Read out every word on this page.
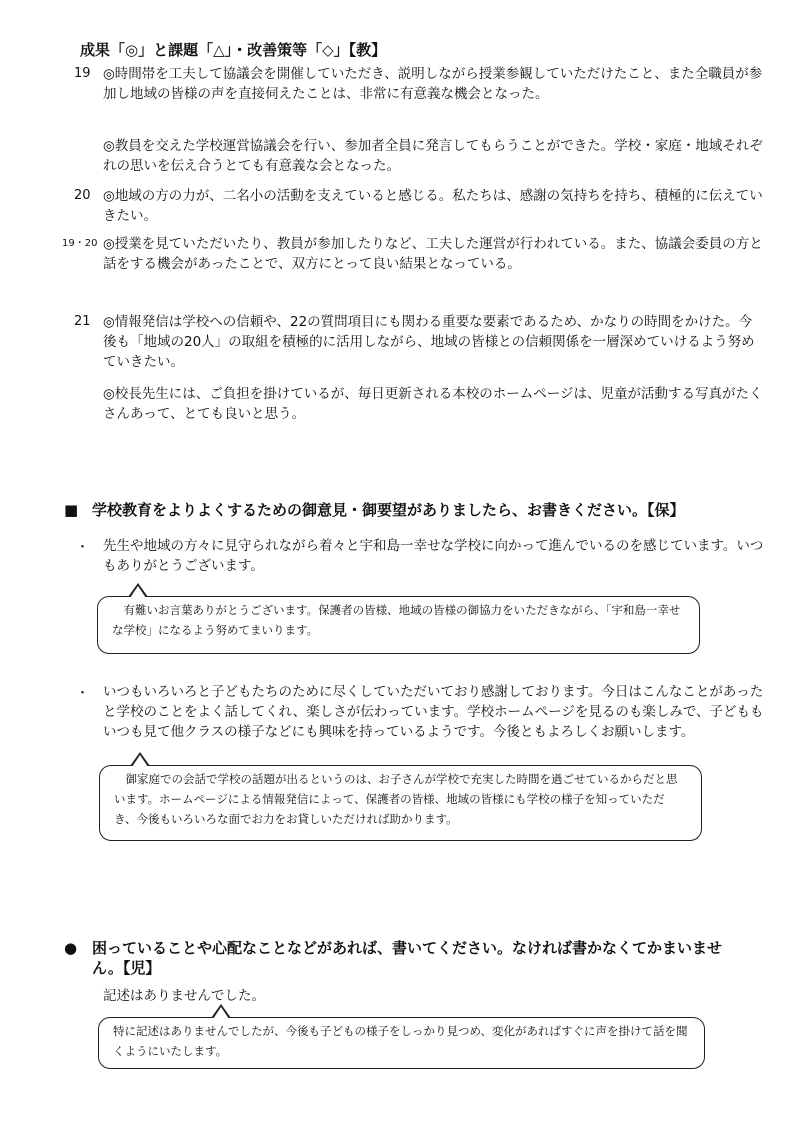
成果「◎」と課題「△」・改善策等「◇」【教】
19 ◎時間帯を工夫して協議会を開催していただき、説明しながら授業参観していただけたこと、また全職員が参加し地域の皆様の声を直接伺えたことは、非常に有意義な機会となった。
◎教員を交えた学校運営協議会を行い、参加者全員に発言してもらうことができた。学校・家庭・地域それぞれの思いを伝え合うとても有意義な会となった。
20 ◎地域の方の力が、二名小の活動を支えていると感じる。私たちは、感謝の気持ちを持ち、積極的に伝えていきたい。
19・20 ◎授業を見ていただいたり、教員が参加したりなど、工夫した運営が行われている。また、協議会委員の方と話をする機会があったことで、双方にとって良い結果となっている。
21 ◎情報発信は学校への信頼や、22の質問項目にも関わる重要な要素であるため、かなりの時間をかけた。今後も「地域の20人」の取組を積極的に活用しながら、地域の皆様との信頼関係を一層深めていけるよう努めていきたい。
◎校長先生には、ご負担を掛けているが、毎日更新される本校のホームページは、児童が活動する写真がたくさんあって、とても良いと思う。
■ 学校教育をよりよくするための御意見・御要望がありましたら、お書きください。【保】
・ 先生や地域の方々に見守られながら着々と宇和島一幸せな学校に向かって進んでいるのを感じています。いつもありがとうございます。
有難いお言葉ありがとうございます。保護者の皆様、地域の皆様の御協力をいただきながら、「宇和島一幸せな学校」になるよう努めてまいります。
・ いつもいろいろと子どもたちのために尽くしていただいており感謝しております。今日はこんなことがあったと学校のことをよく話してくれ、楽しさが伝わっています。学校ホームページを見るのも楽しみで、子どももいつも見て他クラスの様子などにも興味を持っているようです。今後ともよろしくお願いします。
御家庭での会話で学校の話題が出るというのは、お子さんが学校で充実した時間を過ごせているからだと思います。ホームページによる情報発信によって、保護者の皆様、地域の皆様にも学校の様子を知っていただき、今後もいろいろな面でお力をお貸しいただければ助かります。
● 困っていることや心配なことなどがあれば、書いてください。なければ書かなくてかまいません。【児】
記述はありませんでした。
特に記述はありませんでしたが、今後も子どもの様子をしっかり見つめ、変化があればすぐに声を掛けて話を聞くようにいたします。
